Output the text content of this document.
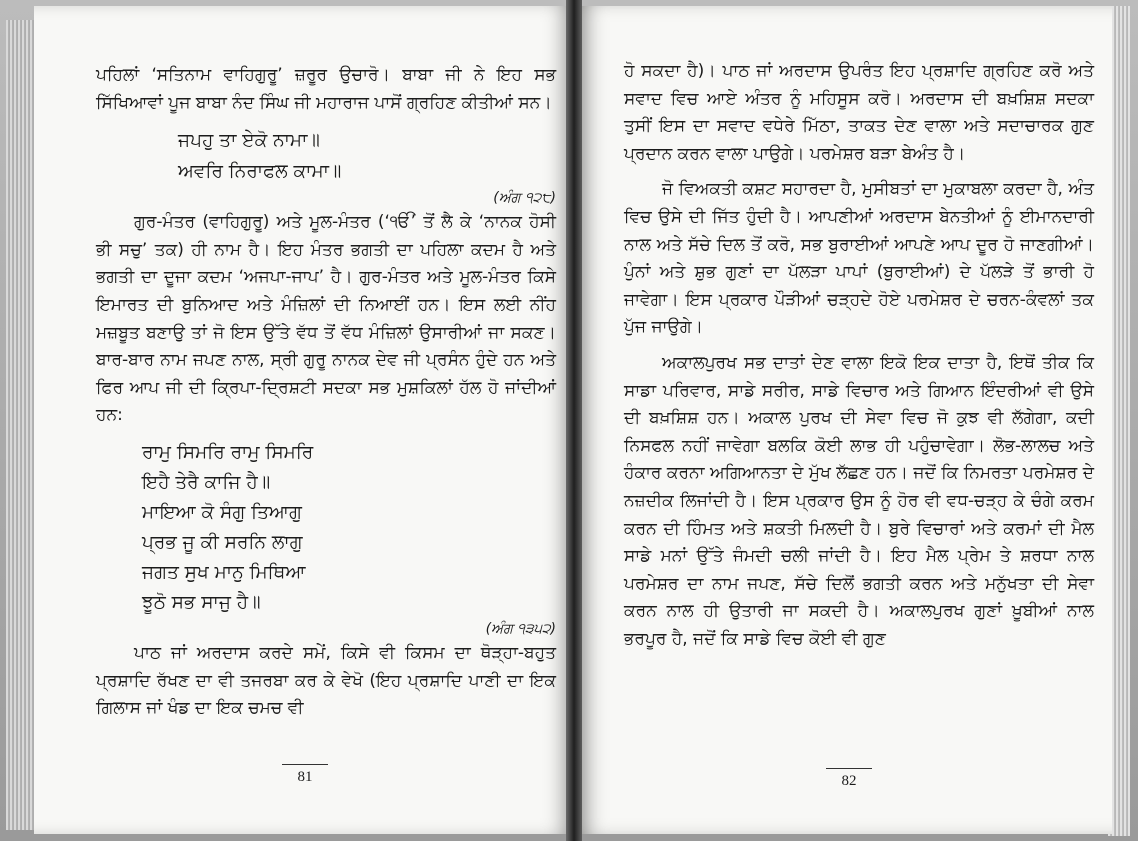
ਪਹਿਲਾਂ ‘ਸਤਿਨਾਮ ਵਾਹਿਗੁਰੂ’ ਜ਼ਰੂਰ ਉਚਾਰੋ। ਬਾਬਾ ਜੀ ਨੇ ਇਹ ਸਭ ਸਿੱਖਿਆਵਾਂ ਪੂਜ ਬਾਬਾ ਨੰਦ ਸਿੰਘ ਜੀ ਮਹਾਰਾਜ ਪਾਸੋਂ ਗ੍ਰਹਿਣ ਕੀਤੀਆਂ ਸਨ।

ਜਪਹੁ ਤਾ ਏਕੋ ਨਾਮਾ॥
ਅਵਰਿ ਨਿਰਾਫਲ ਕਾਮਾ॥
(ਅੰਗ ੧੨੮)

ਗੁਰ-ਮੰਤਰ (ਵਾਹਿਗੁਰੂ) ਅਤੇ ਮੂਲ-ਮੰਤਰ (‘ੴ’ ਤੋਂ ਲੈ ਕੇ ‘ਨਾਨਕ ਹੋਸੀ ਭੀ ਸਚੁ’ ਤਕ) ਹੀ ਨਾਮ ਹੈ। ਇਹ ਮੰਤਰ ਭਗਤੀ ਦਾ ਪਹਿਲਾ ਕਦਮ ਹੈ ਅਤੇ ਭਗਤੀ ਦਾ ਦੂਜਾ ਕਦਮ ‘ਅਜਪਾ-ਜਾਪ’ ਹੈ। ਗੁਰ-ਮੰਤਰ ਅਤੇ ਮੂਲ-ਮੰਤਰ ਕਿਸੇ ਇਮਾਰਤ ਦੀ ਬੁਨਿਆਦ ਅਤੇ ਮੰਜ਼ਿਲਾਂ ਦੀ ਨਿਆਈਂ ਹਨ। ਇਸ ਲਈ ਨੀਂਹ ਮਜ਼ਬੂਤ ਬਣਾਉ ਤਾਂ ਜੋ ਇਸ ਉੱਤੇ ਵੱਧ ਤੋਂ ਵੱਧ ਮੰਜ਼ਿਲਾਂ ਉਸਾਰੀਆਂ ਜਾ ਸਕਣ। ਬਾਰ-ਬਾਰ ਨਾਮ ਜਪਣ ਨਾਲ, ਸ੍ਰੀ ਗੁਰੂ ਨਾਨਕ ਦੇਵ ਜੀ ਪ੍ਰਸੰਨ ਹੁੰਦੇ ਹਨ ਅਤੇ ਫਿਰ ਆਪ ਜੀ ਦੀ ਕ੍ਰਿਪਾ-ਦ੍ਰਿਸ਼ਟੀ ਸਦਕਾ ਸਭ ਮੁਸ਼ਕਿਲਾਂ ਹੱਲ ਹੋ ਜਾਂਦੀਆਂ ਹਨ:

ਰਾਮੁ ਸਿਮਰਿ ਰਾਮੁ ਸਿਮਰਿ
ਇਹੈ ਤੇਰੈ ਕਾਜਿ ਹੈ॥
ਮਾਇਆ ਕੋ ਸੰਗੁ ਤਿਆਗੁ
ਪ੍ਰਭ ਜੂ ਕੀ ਸਰਨਿ ਲਾਗੁ
ਜਗਤ ਸੁਖ ਮਾਨੁ ਮਿਥਿਆ
ਝੂਠੋ ਸਭ ਸਾਜੁ ਹੈ॥
(ਅੰਗ ੧੩੫੨)

ਪਾਠ ਜਾਂ ਅਰਦਾਸ ਕਰਦੇ ਸਮੇਂ, ਕਿਸੇ ਵੀ ਕਿਸਮ ਦਾ ਥੋੜ੍ਹਾ-ਬਹੁਤ ਪ੍ਰਸ਼ਾਦਿ ਰੱਖਣ ਦਾ ਵੀ ਤਜਰਬਾ ਕਰ ਕੇ ਵੇਖੋ (ਇਹ ਪ੍ਰਸ਼ਾਦਿ ਪਾਣੀ ਦਾ ਇਕ ਗਿਲਾਸ ਜਾਂ ਖੰਡ ਦਾ ਇਕ ਚਮਚ ਵੀ

81

ਹੋ ਸਕਦਾ ਹੈ)। ਪਾਠ ਜਾਂ ਅਰਦਾਸ ਉਪਰੰਤ ਇਹ ਪ੍ਰਸ਼ਾਦਿ ਗ੍ਰਹਿਣ ਕਰੋ ਅਤੇ ਸਵਾਦ ਵਿਚ ਆਏ ਅੰਤਰ ਨੂੰ ਮਹਿਸੂਸ ਕਰੋ। ਅਰਦਾਸ ਦੀ ਬਖ਼ਸ਼ਿਸ਼ ਸਦਕਾ ਤੁਸੀਂ ਇਸ ਦਾ ਸਵਾਦ ਵਧੇਰੇ ਮਿੱਠਾ, ਤਾਕਤ ਦੇਣ ਵਾਲਾ ਅਤੇ ਸਦਾਚਾਰਕ ਗੁਣ ਪ੍ਰਦਾਨ ਕਰਨ ਵਾਲਾ ਪਾਉਗੇ। ਪਰਮੇਸ਼ਰ ਬੜਾ ਬੇਅੰਤ ਹੈ।

ਜੋ ਵਿਅਕਤੀ ਕਸ਼ਟ ਸਹਾਰਦਾ ਹੈ, ਮੁਸੀਬਤਾਂ ਦਾ ਮੁਕਾਬਲਾ ਕਰਦਾ ਹੈ, ਅੰਤ ਵਿਚ ਉਸੇ ਦੀ ਜਿੱਤ ਹੁੰਦੀ ਹੈ। ਆਪਣੀਆਂ ਅਰਦਾਸ ਬੇਨਤੀਆਂ ਨੂੰ ਈਮਾਨਦਾਰੀ ਨਾਲ ਅਤੇ ਸੱਚੇ ਦਿਲ ਤੋਂ ਕਰੋ, ਸਭ ਬੁਰਾਈਆਂ ਆਪਣੇ ਆਪ ਦੂਰ ਹੋ ਜਾਣਗੀਆਂ। ਪੁੰਨਾਂ ਅਤੇ ਸ਼ੁਭ ਗੁਣਾਂ ਦਾ ਪੱਲੜਾ ਪਾਪਾਂ (ਬੁਰਾਈਆਂ) ਦੇ ਪੱਲੜੇ ਤੋਂ ਭਾਰੀ ਹੋ ਜਾਵੇਗਾ। ਇਸ ਪ੍ਰਕਾਰ ਪੌੜੀਆਂ ਚੜ੍ਹਦੇ ਹੋਏ ਪਰਮੇਸ਼ਰ ਦੇ ਚਰਨ-ਕੰਵਲਾਂ ਤਕ ਪੁੱਜ ਜਾਉਗੇ।

ਅਕਾਲਪੁਰਖ ਸਭ ਦਾਤਾਂ ਦੇਣ ਵਾਲਾ ਇਕੋ ਇਕ ਦਾਤਾ ਹੈ, ਇਥੋਂ ਤੀਕ ਕਿ ਸਾਡਾ ਪਰਿਵਾਰ, ਸਾਡੇ ਸਰੀਰ, ਸਾਡੇ ਵਿਚਾਰ ਅਤੇ ਗਿਆਨ ਇੰਦਰੀਆਂ ਵੀ ਉਸੇ ਦੀ ਬਖ਼ਸ਼ਿਸ਼ ਹਨ। ਅਕਾਲ ਪੁਰਖ ਦੀ ਸੇਵਾ ਵਿਚ ਜੋ ਕੁਝ ਵੀ ਲੱਗੇਗਾ, ਕਦੀ ਨਿਸਫਲ ਨਹੀਂ ਜਾਵੇਗਾ ਬਲਕਿ ਕੋਈ ਲਾਭ ਹੀ ਪਹੁੰਚਾਵੇਗਾ। ਲੋਭ-ਲਾਲਚ ਅਤੇ ਹੰਕਾਰ ਕਰਨਾ ਅਗਿਆਨਤਾ ਦੇ ਮੁੱਖ ਲੱਛਣ ਹਨ। ਜਦੋਂ ਕਿ ਨਿਮਰਤਾ ਪਰਮੇਸ਼ਰ ਦੇ ਨਜ਼ਦੀਕ ਲਿਜਾਂਦੀ ਹੈ। ਇਸ ਪ੍ਰਕਾਰ ਉਸ ਨੂੰ ਹੋਰ ਵੀ ਵਧ-ਚੜ੍ਹ ਕੇ ਚੰਗੇ ਕਰਮ ਕਰਨ ਦੀ ਹਿੰਮਤ ਅਤੇ ਸ਼ਕਤੀ ਮਿਲਦੀ ਹੈ। ਬੁਰੇ ਵਿਚਾਰਾਂ ਅਤੇ ਕਰਮਾਂ ਦੀ ਮੈਲ ਸਾਡੇ ਮਨਾਂ ਉੱਤੇ ਜੰਮਦੀ ਚਲੀ ਜਾਂਦੀ ਹੈ। ਇਹ ਮੈਲ ਪ੍ਰੇਮ ਤੇ ਸ਼ਰਧਾ ਨਾਲ ਪਰਮੇਸ਼ਰ ਦਾ ਨਾਮ ਜਪਣ, ਸੱਚੇ ਦਿਲੋਂ ਭਗਤੀ ਕਰਨ ਅਤੇ ਮਨੁੱਖਤਾ ਦੀ ਸੇਵਾ ਕਰਨ ਨਾਲ ਹੀ ਉਤਾਰੀ ਜਾ ਸਕਦੀ ਹੈ। ਅਕਾਲਪੁਰਖ ਗੁਣਾਂ ਖ਼ੂਬੀਆਂ ਨਾਲ ਭਰਪੂਰ ਹੈ, ਜਦੋਂ ਕਿ ਸਾਡੇ ਵਿਚ ਕੋਈ ਵੀ ਗੁਣ

82
